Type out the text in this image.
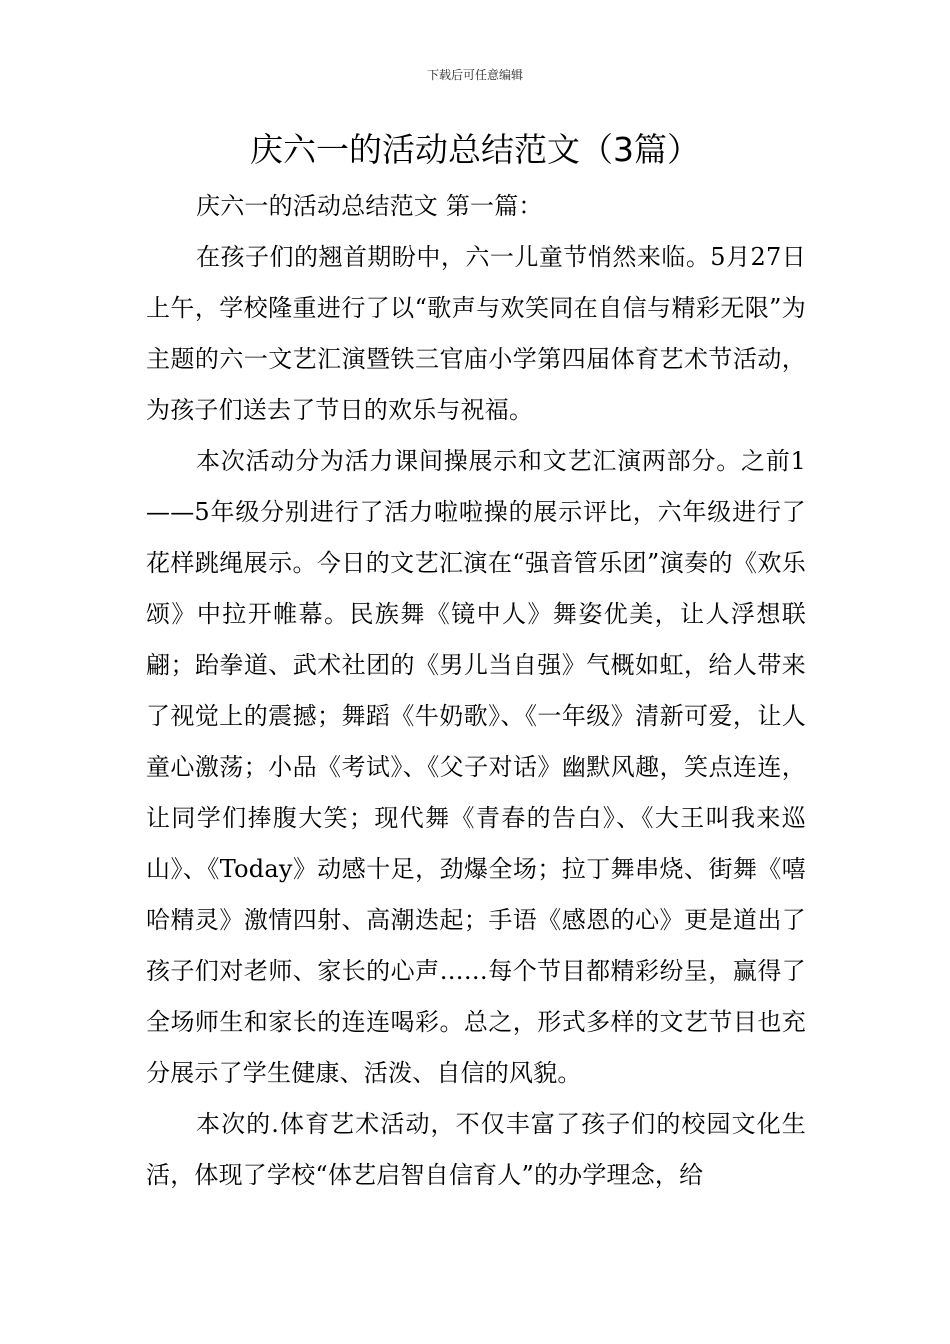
下载后可任意编辑
庆六一的活动总结范文（3篇）

庆六一的活动总结范文 第一篇：

在孩子们的翘首期盼中，六一儿童节悄然来临。5月27日上午，学校隆重进行了以“歌声与欢笑同在自信与精彩无限”为主题的六一文艺汇演暨铁三官庙小学第四届体育艺术节活动，为孩子们送去了节日的欢乐与祝福。

本次活动分为活力课间操展示和文艺汇演两部分。之前1——5年级分别进行了活力啦啦操的展示评比，六年级进行了花样跳绳展示。今日的文艺汇演在“强音管乐团”演奏的《欢乐颂》中拉开帷幕。民族舞《镜中人》舞姿优美，让人浮想联翩；跆拳道、武术社团的《男儿当自强》气概如虹，给人带来了视觉上的震撼；舞蹈《牛奶歌》、《一年级》清新可爱，让人童心激荡；小品《考试》、《父子对话》幽默风趣，笑点连连，让同学们捧腹大笑；现代舞《青春的告白》、《大王叫我来巡山》、《Today》动感十足，劲爆全场；拉丁舞串烧、街舞《嘻哈精灵》激情四射、高潮迭起；手语《感恩的心》更是道出了孩子们对老师、家长的心声……每个节目都精彩纷呈，赢得了全场师生和家长的连连喝彩。总之，形式多样的文艺节目也充分展示了学生健康、活泼、自信的风貌。

本次的.体育艺术活动，不仅丰富了孩子们的校园文化生活，体现了学校“体艺启智自信育人”的办学理念，给
